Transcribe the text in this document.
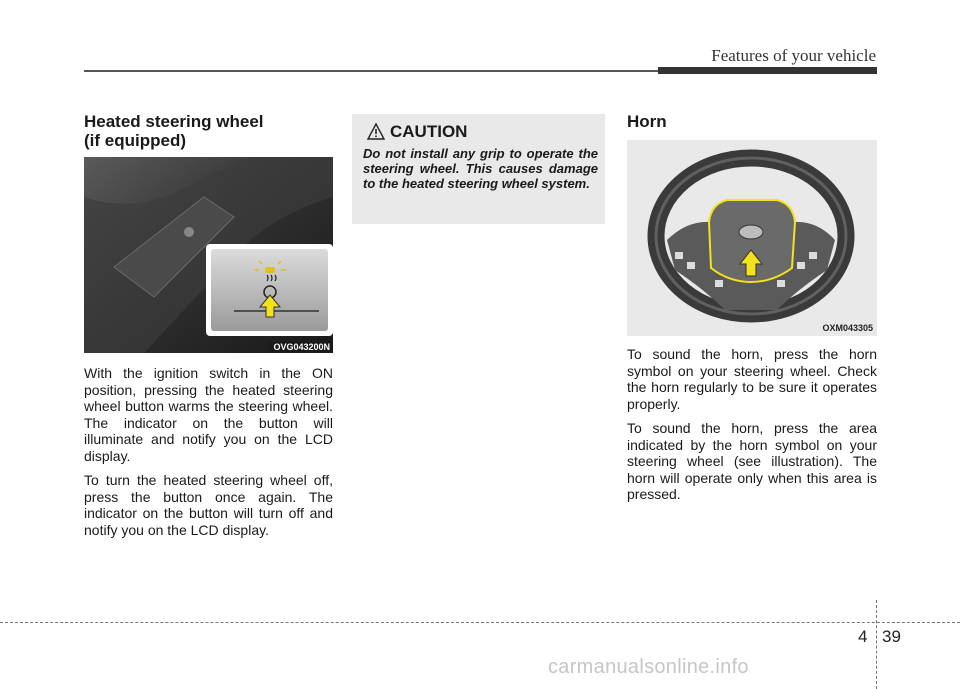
Features of your vehicle
Heated steering wheel
(if equipped)
OVG043200N

With the ignition switch in the ON position, pressing the heated steering wheel button warms the steering wheel. The indicator on the button will illuminate and notify you on the LCD display.

To turn the heated steering wheel off, press the button once again. The indicator on the button will turn off and notify you on the LCD display.

CAUTION
Do not install any grip to operate the steering wheel. This causes damage to the heated steering wheel system.
Horn
OXM043305

To sound the horn, press the horn symbol on your steering wheel. Check the horn regularly to be sure it operates properly.

To sound the horn, press the area indicated by the horn symbol on your steering wheel (see illustration). The horn will operate only when this area is pressed.

4 39
carmanualsonline.info
